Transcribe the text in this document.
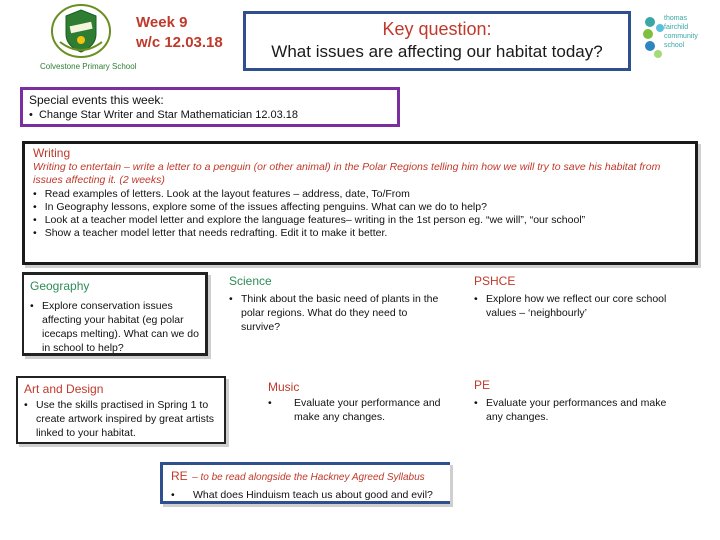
Colvestone Primary School
Week 9
w/c 12.03.18
Key question:
What issues are affecting our habitat today?
thomas
fairchild
community
school
Special events this week:
•  Change Star Writer and Star Mathematician 12.03.18
Writing
Writing to entertain – write a letter to a penguin (or other animal) in the Polar Regions telling him how we will try to save his habitat from issues affecting it. (2 weeks)
• Read examples of letters. Look at the layout features – address, date, To/From
• In Geography lessons, explore some of the issues affecting penguins. What can we do to help?
• Look at a teacher model letter and explore the language features– writing in the 1st person eg. “we will”, “our school”
• Show a teacher model letter that needs redrafting. Edit it to make it better.
Geography
• Explore conservation issues affecting your habitat (eg polar icecaps melting). What can we do in school to help?
Science
• Think about the basic need of plants in the polar regions. What do they need to survive?
PSHCE
• Explore how we reflect our core school values – ‘neighbourly’
Art and Design
• Use the skills practised in Spring 1 to create artwork inspired by great artists linked to your habitat.
Music
•	Evaluate your performance and make any changes.
PE
• Evaluate your performances and make any changes.
RE – to be read alongside the Hackney Agreed Syllabus
•	What does Hinduism teach us about good and evil?
